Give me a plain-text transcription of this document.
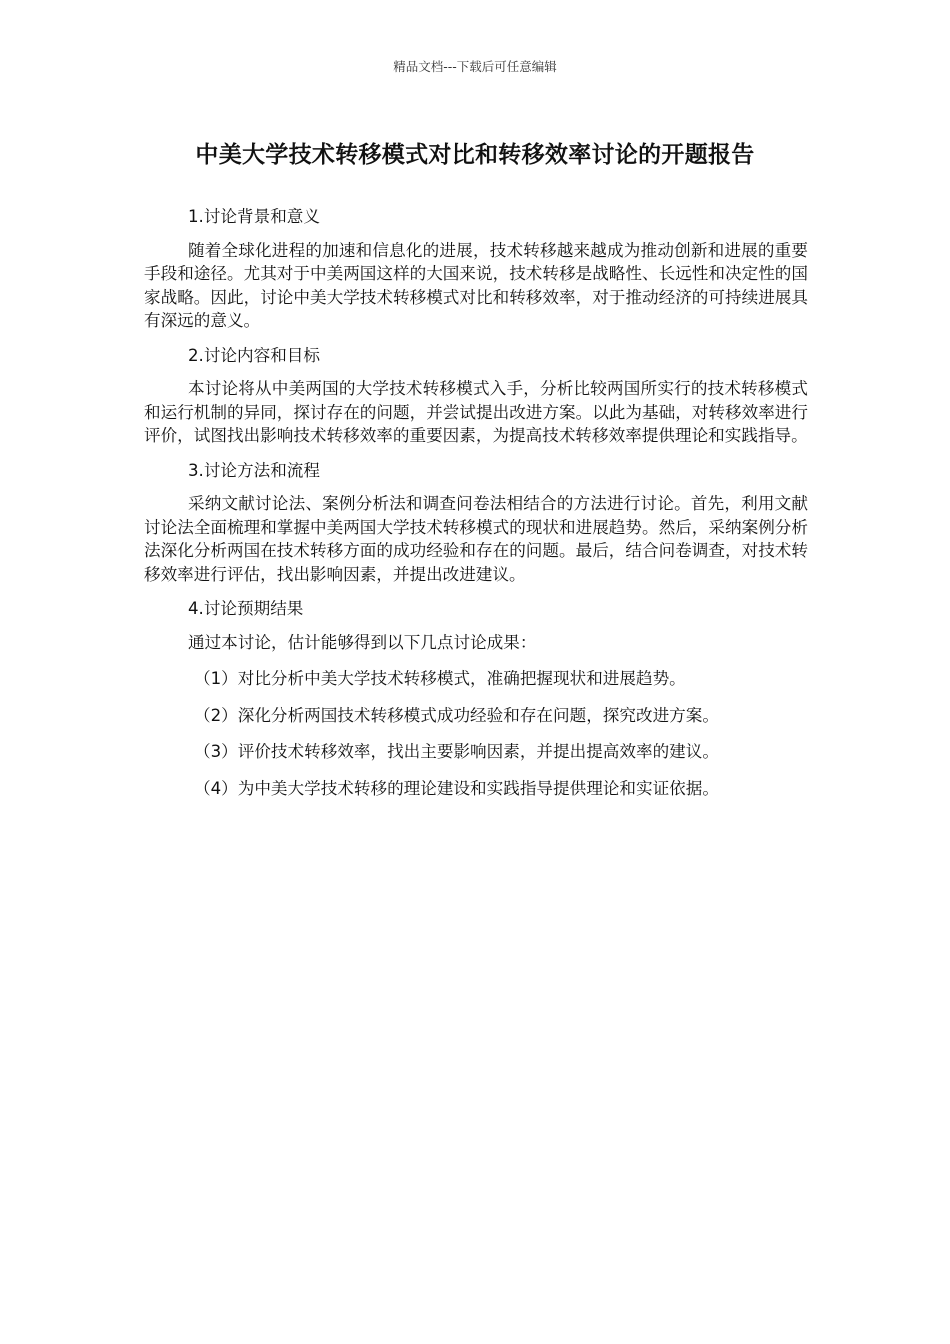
精品文档---下载后可任意编辑
中美大学技术转移模式对比和转移效率讨论的开题报告

1.讨论背景和意义

随着全球化进程的加速和信息化的进展，技术转移越来越成为推动创新和进展的重要手段和途径。尤其对于中美两国这样的大国来说，技术转移是战略性、长远性和决定性的国家战略。因此，讨论中美大学技术转移模式对比和转移效率，对于推动经济的可持续进展具有深远的意义。

2.讨论内容和目标

本讨论将从中美两国的大学技术转移模式入手，分析比较两国所实行的技术转移模式和运行机制的异同，探讨存在的问题，并尝试提出改进方案。以此为基础，对转移效率进行评价，试图找出影响技术转移效率的重要因素，为提高技术转移效率提供理论和实践指导。

3.讨论方法和流程

采纳文献讨论法、案例分析法和调查问卷法相结合的方法进行讨论。首先，利用文献讨论法全面梳理和掌握中美两国大学技术转移模式的现状和进展趋势。然后，采纳案例分析法深化分析两国在技术转移方面的成功经验和存在的问题。最后，结合问卷调查，对技术转移效率进行评估，找出影响因素，并提出改进建议。

4.讨论预期结果

通过本讨论，估计能够得到以下几点讨论成果：

（1）对比分析中美大学技术转移模式，准确把握现状和进展趋势。

（2）深化分析两国技术转移模式成功经验和存在问题，探究改进方案。

（3）评价技术转移效率，找出主要影响因素，并提出提高效率的建议。

（4）为中美大学技术转移的理论建设和实践指导提供理论和实证依据。
